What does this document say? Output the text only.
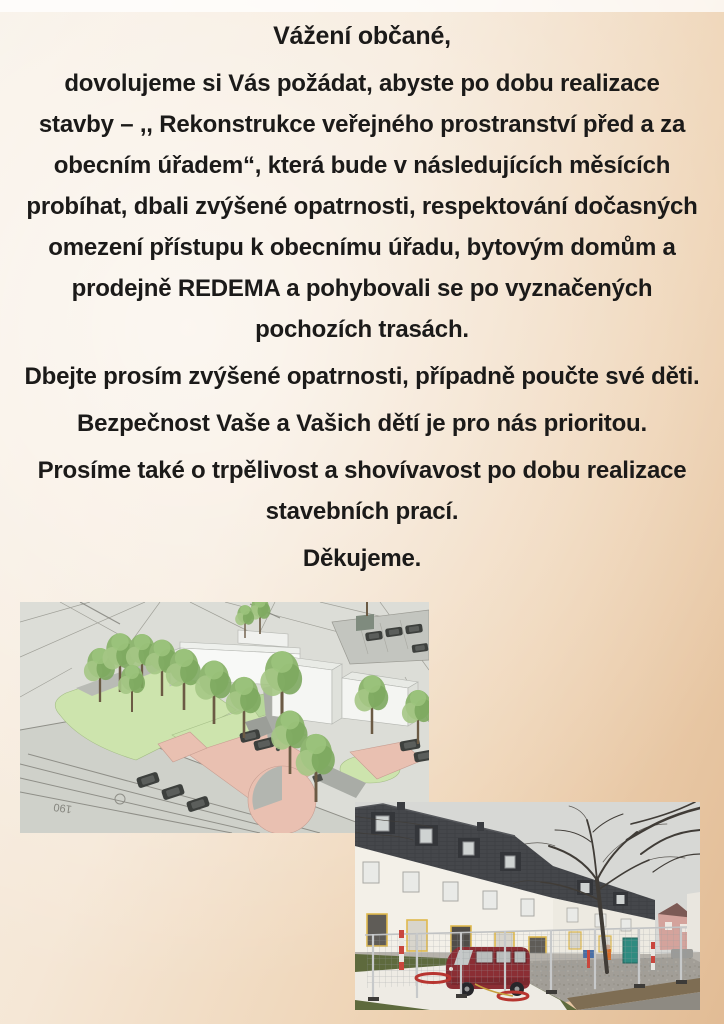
Vážení občané,

dovolujeme si Vás požádat, abyste po dobu realizace stavby – ,, Rekonstrukce veřejného prostranství před a za obecním úřadem“, která bude v následujících měsících probíhat, dbali zvýšené opatrnosti, respektování dočasných omezení přístupu k obecnímu úřadu, bytovým domům a prodejně REDEMA a pohybovali se po vyznačených pochozích trasách.

Dbejte prosím zvýšené opatrnosti, případně poučte své děti.

Bezpečnost Vaše a Vašich dětí je pro nás prioritou.

Prosíme také o trpělivost a shovívavost po dobu realizace stavebních prací.

Děkujeme.

190
